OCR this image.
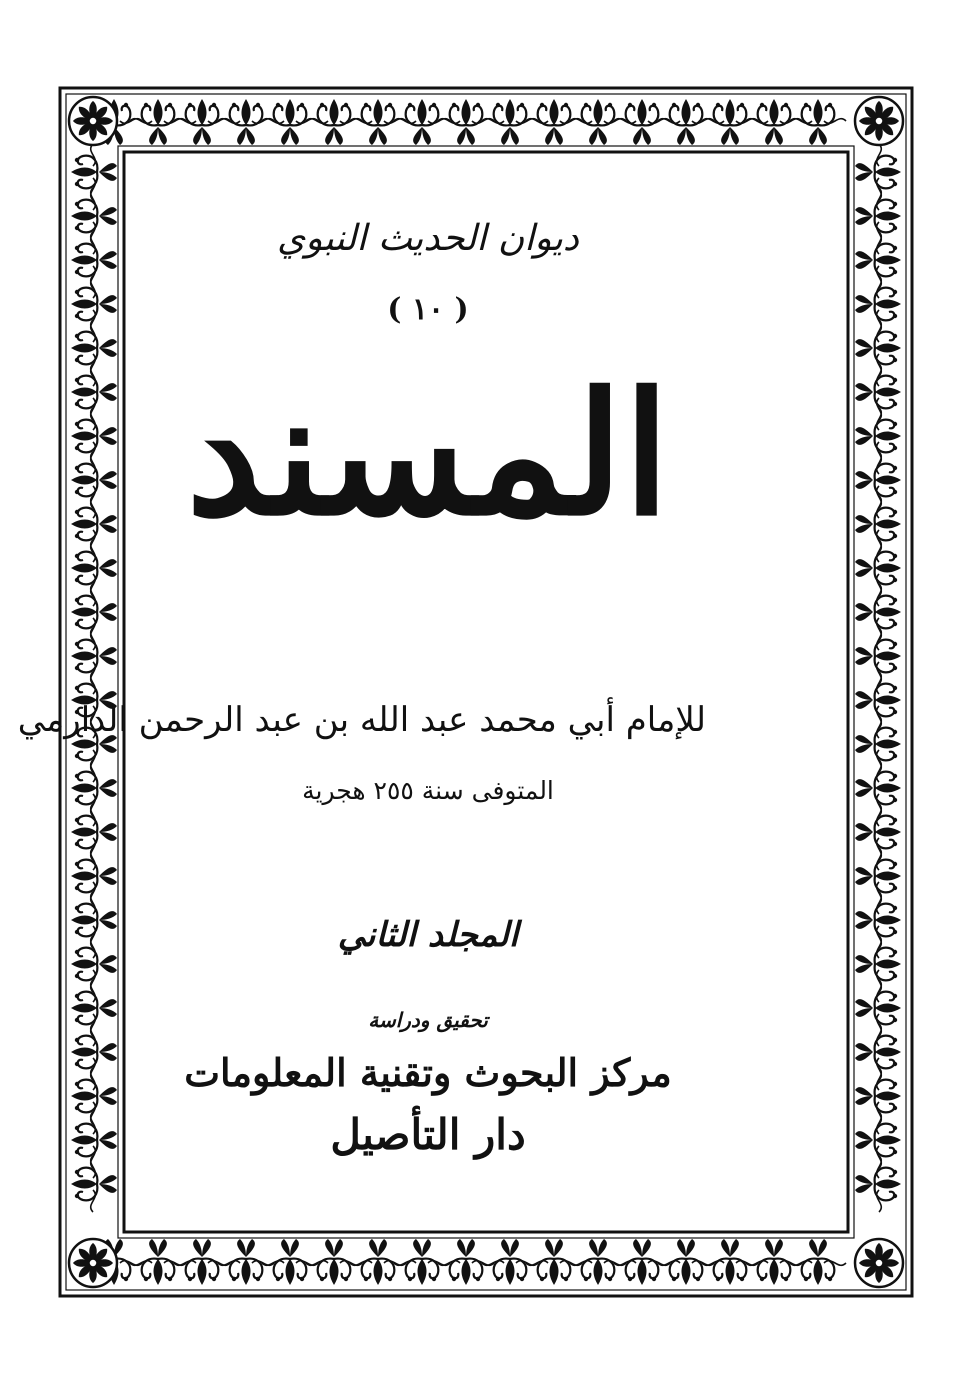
ديوان الحديث النبوي
( ١٠ )
المسند
للإمام أبي محمد عبد الله بن عبد الرحمن الدارمي
المتوفى سنة ٢٥٥ هجرية
المجلد الثاني
تحقيق ودراسة
مركز البحوث وتقنية المعلومات
دار التأصيل
